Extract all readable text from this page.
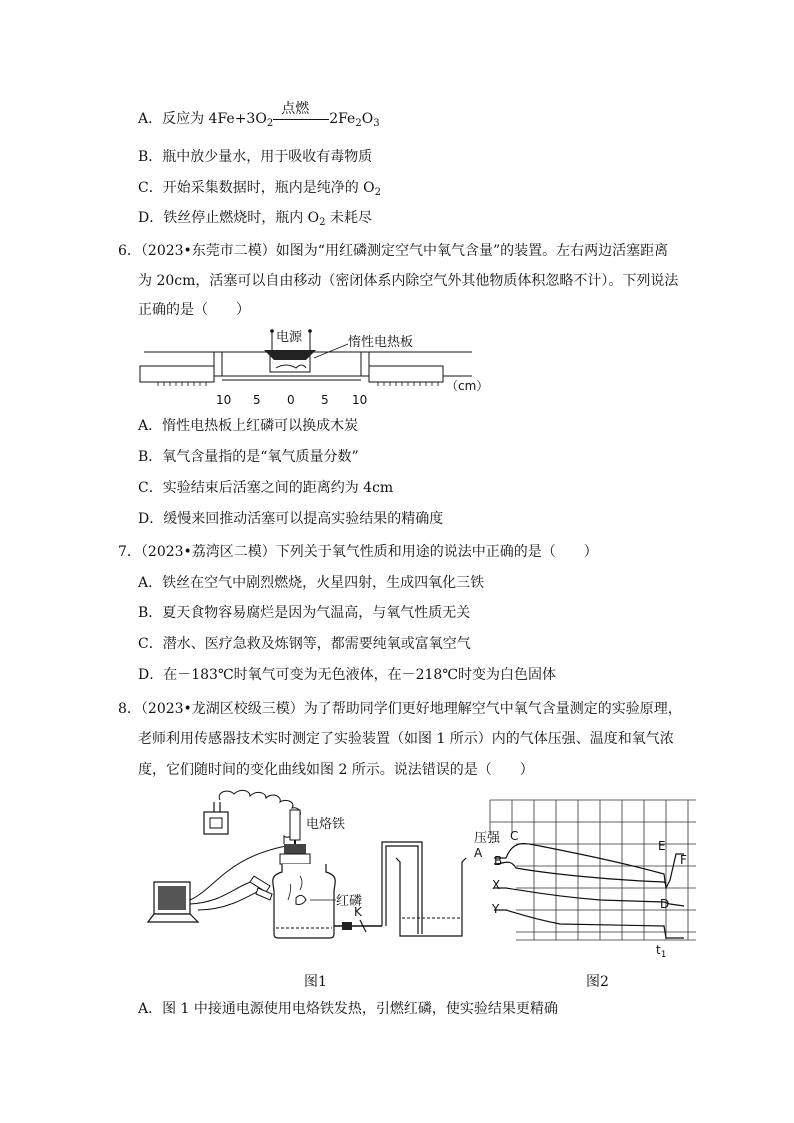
A．反应为 $4Fe+3O_2$
点燃
$2Fe_2O_3$
B．瓶中放少量水，用于吸收有毒物质
C．开始采集数据时，瓶内是纯净的 $O_2$
D．铁丝停止燃烧时，瓶内 $O_2$ 未耗尽
6．（2023•东莞市二模）如图为“用红磷测定空气中氧气含量”的装置。左右两边活塞距离
为 20cm，活塞可以自由移动（密闭体系内除空气外其他物质体积忽略不计）。下列说法
正确的是（　　）
电源	惰性电热板
10 5 0 5 10
（cm）
A．惰性电热板上红磷可以换成木炭
B．氧气含量指的是“氧气质量分数”
C．实验结束后活塞之间的距离约为 4cm
D．缓慢来回推动活塞可以提高实验结果的精确度
7．（2023•荔湾区二模）下列关于氧气性质和用途的说法中正确的是（　　）
A．铁丝在空气中剧烈燃烧，火星四射，生成四氧化三铁
B．夏天食物容易腐烂是因为气温高，与氧气性质无关
C．潜水、医疗急救及炼钢等，都需要纯氧或富氧空气
D．在－183℃时氧气可变为无色液体，在－218℃时变为白色固体
8．（2023•龙湖区校级三模）为了帮助同学们更好地理解空气中氧气含量测定的实验原理，
老师利用传感器技术实时测定了实验装置（如图 1 所示）内的气体压强、温度和氧气浓
度，它们随时间的变化曲线如图 2 所示。说法错误的是（　　）
电烙铁
红磷
K
图1
压强
A
B
C
X
Y	D
E
F
$t_1$
图2
A．图 1 中接通电源使用电烙铁发热，引燃红磷，使实验结果更精确
